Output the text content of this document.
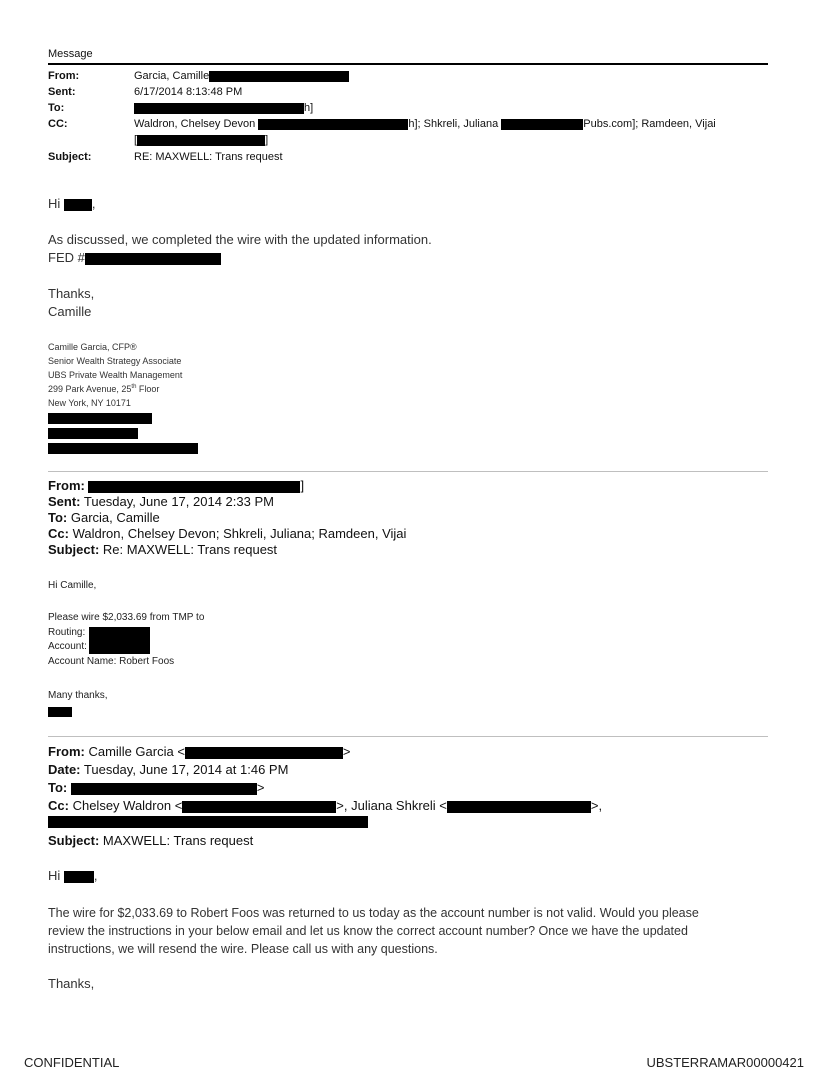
Message
From:	Garcia, Camille
Sent:	6/17/2014 8:13:48 PM
To:	h]
CC:	Waldron, Chelsey Devon	h]; Shkreli, Juliana	Pubs.com]; Ramdeen, Vijai
[	]
Subject:	RE: MAXWELL: Trans request
Hi ,
As discussed, we completed the wire with the updated information.
FED #
Thanks,
Camille
Camille Garcia, CFP®
Senior Wealth Strategy Associate
UBS Private Wealth Management
299 Park Avenue, 25th Floor
New York, NY 10171
From:	]
Sent: Tuesday, June 17, 2014 2:33 PM
To: Garcia, Camille
Cc: Waldron, Chelsey Devon; Shkreli, Juliana; Ramdeen, Vijai
Subject: Re: MAXWELL: Trans request
Hi Camille,
Please wire $2,033.69 from TMP to
Routing:
Account:
Account Name: Robert Foos
Many thanks,
From: Camille Garcia <	>
Date: Tuesday, June 17, 2014 at 1:46 PM
To:	>
Cc: Chelsey Waldron <	>, Juliana Shkreli <	>,
Subject: MAXWELL: Trans request
Hi	,
The wire for $2,033.69 to Robert Foos was returned to us today as the account number is not valid. Would you please
review the instructions in your below email and let us know the correct account number? Once we have the updated
instructions, we will resend the wire. Please call us with any questions.
Thanks,
CONFIDENTIAL	UBSTERRAMAR00000421
